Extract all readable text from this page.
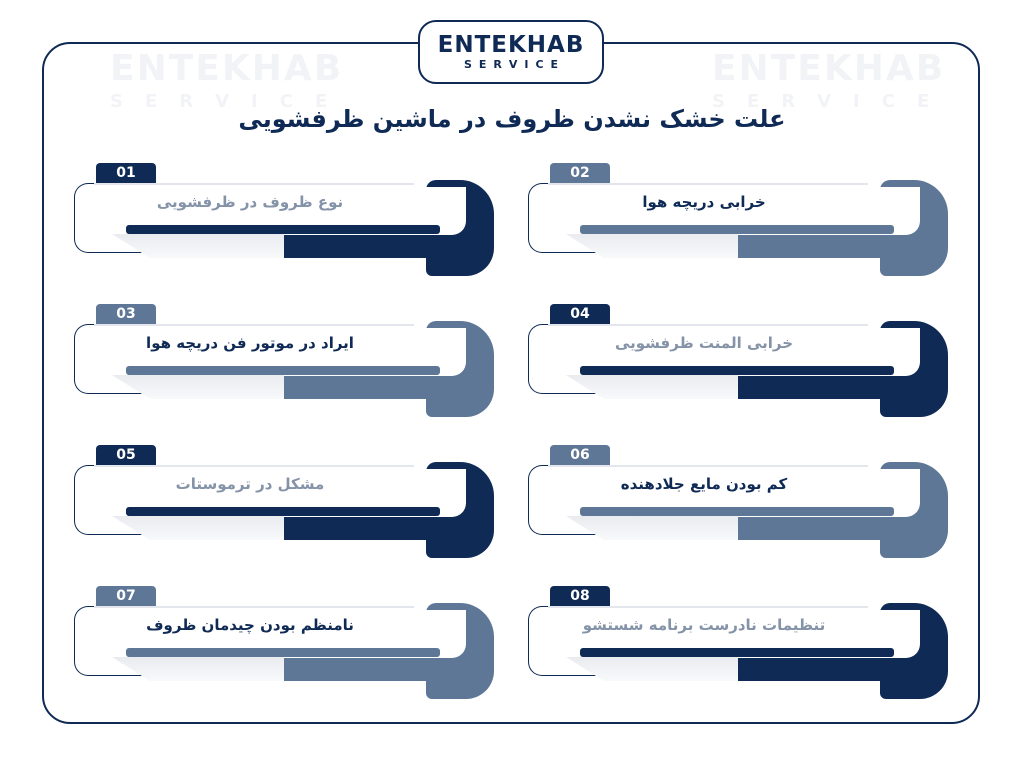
ENTEKHAB
SERVICE
ENTEKHAB
SERVICE
ENTEKHAB
SERVICE
علت خشک نشدن ظروف در ماشین ظرفشویی
01
نوع ظروف در ظرفشویی
02
خرابی دریچه هوا
03
ایراد در موتور فن دریچه هوا
04
خرابی المنت ظرفشویی
05
مشکل در ترموستات
06
کم بودن مایع جلادهنده
07
نامنظم بودن چیدمان ظروف
08
تنظیمات نادرست برنامه شستشو
